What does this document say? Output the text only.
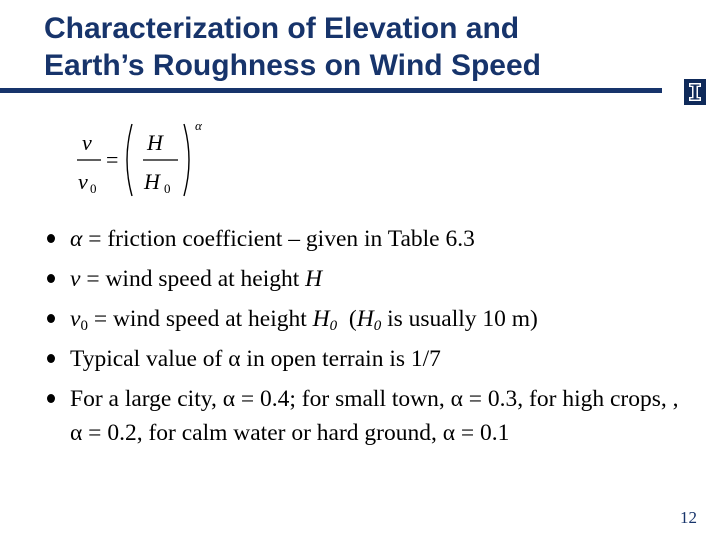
Characterization of Elevation and
Earth’s Roughness on Wind Speed
v
v 0
=
H
H 0
α
α = friction coefficient – given in Table 6.3
v = wind speed at height H
$v_0$ = wind speed at height $H_0$  ($H_0$ is usually 10 m)
Typical value of α in open terrain is 1/7
For a large city, α = 0.4; for small town, α = 0.3, for high crops, , α = 0.2, for calm water or hard ground, α = 0.1
12
